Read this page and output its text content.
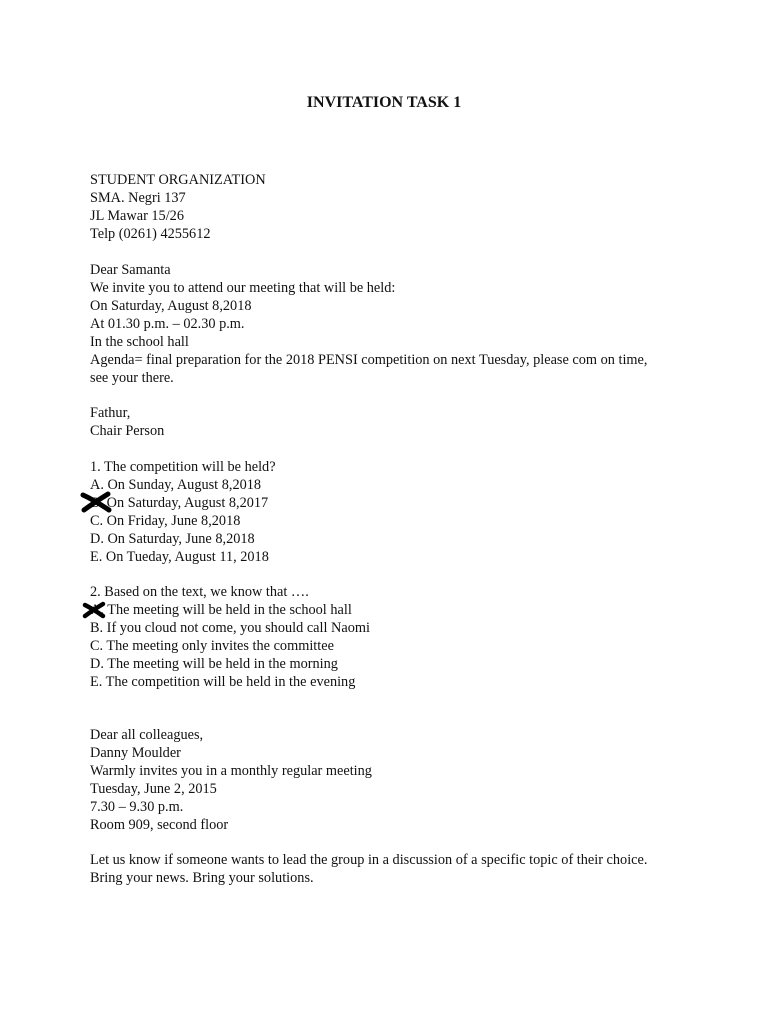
INVITATION TASK 1
STUDENT ORGANIZATION
SMA. Negri 137
JL Mawar 15/26
Telp (0261) 4255612
Dear Samanta
We invite you to attend our meeting that will be held:
On Saturday, August 8,2018
At 01.30 p.m. – 02.30 p.m.
In the school hall
Agenda= final preparation for the 2018 PENSI competition on next Tuesday, please com on time, see your there.
Fathur,
Chair Person
1. The competition will be held?
A. On Sunday, August 8,2018
B. On Saturday, August 8,2017
C. On Friday, June 8,2018
D. On Saturday, June 8,2018
E. On Tueday, August 11, 2018
2. Based on the text, we know that ….
A. The meeting will be held in the school hall
B. If you cloud not come, you should call Naomi
C. The meeting only invites the committee
D. The meeting will be held in the morning
E. The competition will be held in the evening
Dear all colleagues,
Danny Moulder
Warmly invites you in a monthly regular meeting
Tuesday, June 2, 2015
7.30 – 9.30 p.m.
Room 909, second floor
Let us know if someone wants to lead the group in a discussion of a specific topic of their choice.
Bring your news. Bring your solutions.
